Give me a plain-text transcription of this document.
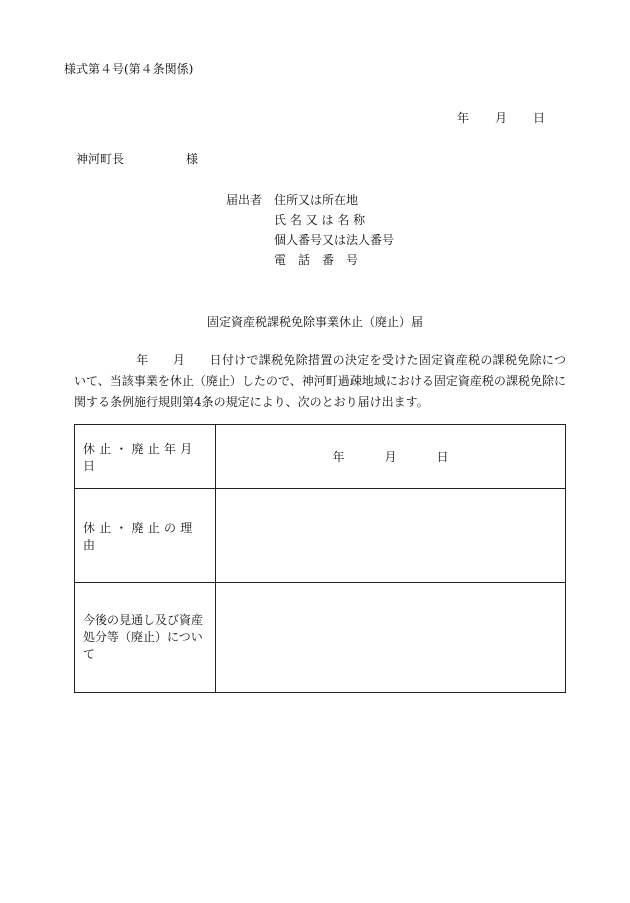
様式第４号(第４条関係)
年 月 日
神河町長	様
届出者 住所又は所在地
氏 名 又 は 名 称
個人番号又は法人番号
電　話　番　号
固定資産税課税免除事業休止（廃止）届
年 月 日付けで課税免除措置の決定を受けた固定資産税の課税免除について、当該事業を休止（廃止）したので、神河町過疎地域における固定資産税の課税免除に関する条例施行規則第4条の規定により、次のとおり届け出ます。
休止・廃止年月日	年 月 日
休止・廃止の理由	
今後の見通し及び資産処分等（廃止）について	
